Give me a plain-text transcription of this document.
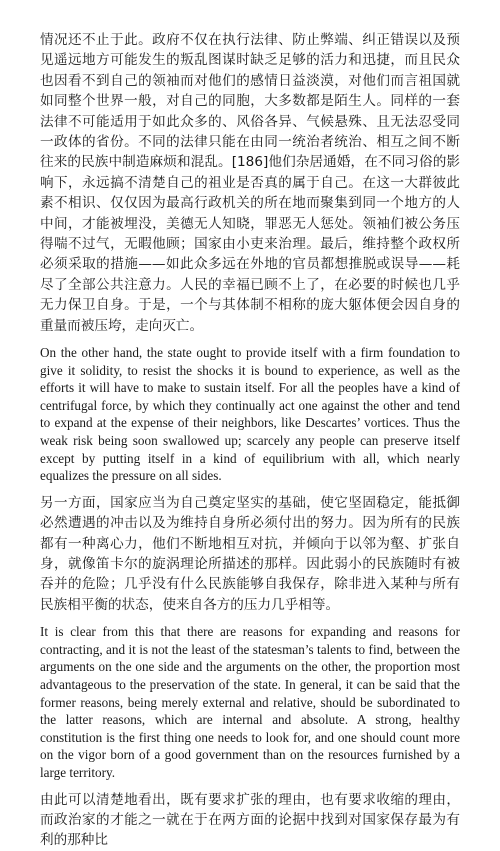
情况还不止于此。政府不仅在执行法律、防止弊端、纠正错误以及预见遥远地方可能发生的叛乱图谋时缺乏足够的活力和迅捷，而且民众也因看不到自己的领袖而对他们的感情日益淡漠，对他们而言祖国就如同整个世界一般，对自己的同胞，大多数都是陌生人。同样的一套法律不可能适用于如此众多的、风俗各异、气候悬殊、且无法忍受同一政体的省份。不同的法律只能在由同一统治者统治、相互之间不断往来的民族中制造麻烦和混乱。[186]他们杂居通婚，在不同习俗的影响下，永远搞不清楚自己的祖业是否真的属于自己。在这一大群彼此素不相识、仅仅因为最高行政机关的所在地而聚集到同一个地方的人中间，才能被埋没，美德无人知晓，罪恶无人惩处。领袖们被公务压得喘不过气，无暇他顾；国家由小吏来治理。最后，维持整个政权所必须采取的措施——如此众多远在外地的官员都想推脱或误导——耗尽了全部公共注意力。人民的幸福已顾不上了，在必要的时候也几乎无力保卫自身。于是，一个与其体制不相称的庞大躯体便会因自身的重量而被压垮，走向灭亡。

On the other hand, the state ought to provide itself with a firm foundation to give it solidity, to resist the shocks it is bound to experience, as well as the efforts it will have to make to sustain itself. For all the peoples have a kind of centrifugal force, by which they continually act one against the other and tend to expand at the expense of their neighbors, like Descartes’ vortices. Thus the weak risk being soon swallowed up; scarcely any people can preserve itself except by putting itself in a kind of equilibrium with all, which nearly equalizes the pressure on all sides.

另一方面，国家应当为自己奠定坚实的基础，使它坚固稳定，能抵御必然遭遇的冲击以及为维持自身所必须付出的努力。因为所有的民族都有一种离心力，他们不断地相互对抗，并倾向于以邻为壑、扩张自身，就像笛卡尔的旋涡理论所描述的那样。因此弱小的民族随时有被吞并的危险；几乎没有什么民族能够自我保存，除非进入某种与所有民族相平衡的状态，使来自各方的压力几乎相等。

It is clear from this that there are reasons for expanding and reasons for contracting, and it is not the least of the statesman’s talents to find, between the arguments on the one side and the arguments on the other, the proportion most advantageous to the preservation of the state. In general, it can be said that the former reasons, being merely external and relative, should be subordinated to the latter reasons, which are internal and absolute. A strong, healthy constitution is the first thing one needs to look for, and one should count more on the vigor born of a good government than on the resources furnished by a large territory.

由此可以清楚地看出，既有要求扩张的理由，也有要求收缩的理由，而政治家的才能之一就在于在两方面的论据中找到对国家保存最为有利的那种比
